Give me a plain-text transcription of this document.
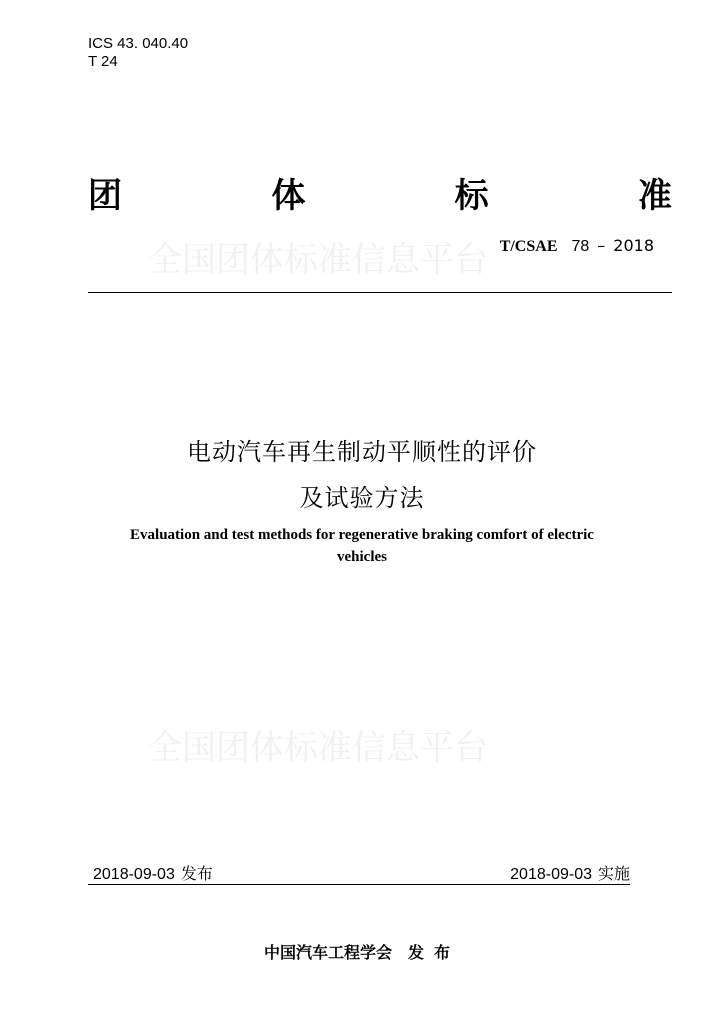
ICS 43. 040.40
T 24
全国团体标准信息平台
全国团体标准信息平台
团	体	标	准
T/CSAE 78 – 2018
电动汽车再生制动平顺性的评价
及试验方法
Evaluation and test methods for regenerative braking comfort of electric
vehicles
2018-09-03 发布	2018-09-03 实施
中国汽车工程学会 发布
